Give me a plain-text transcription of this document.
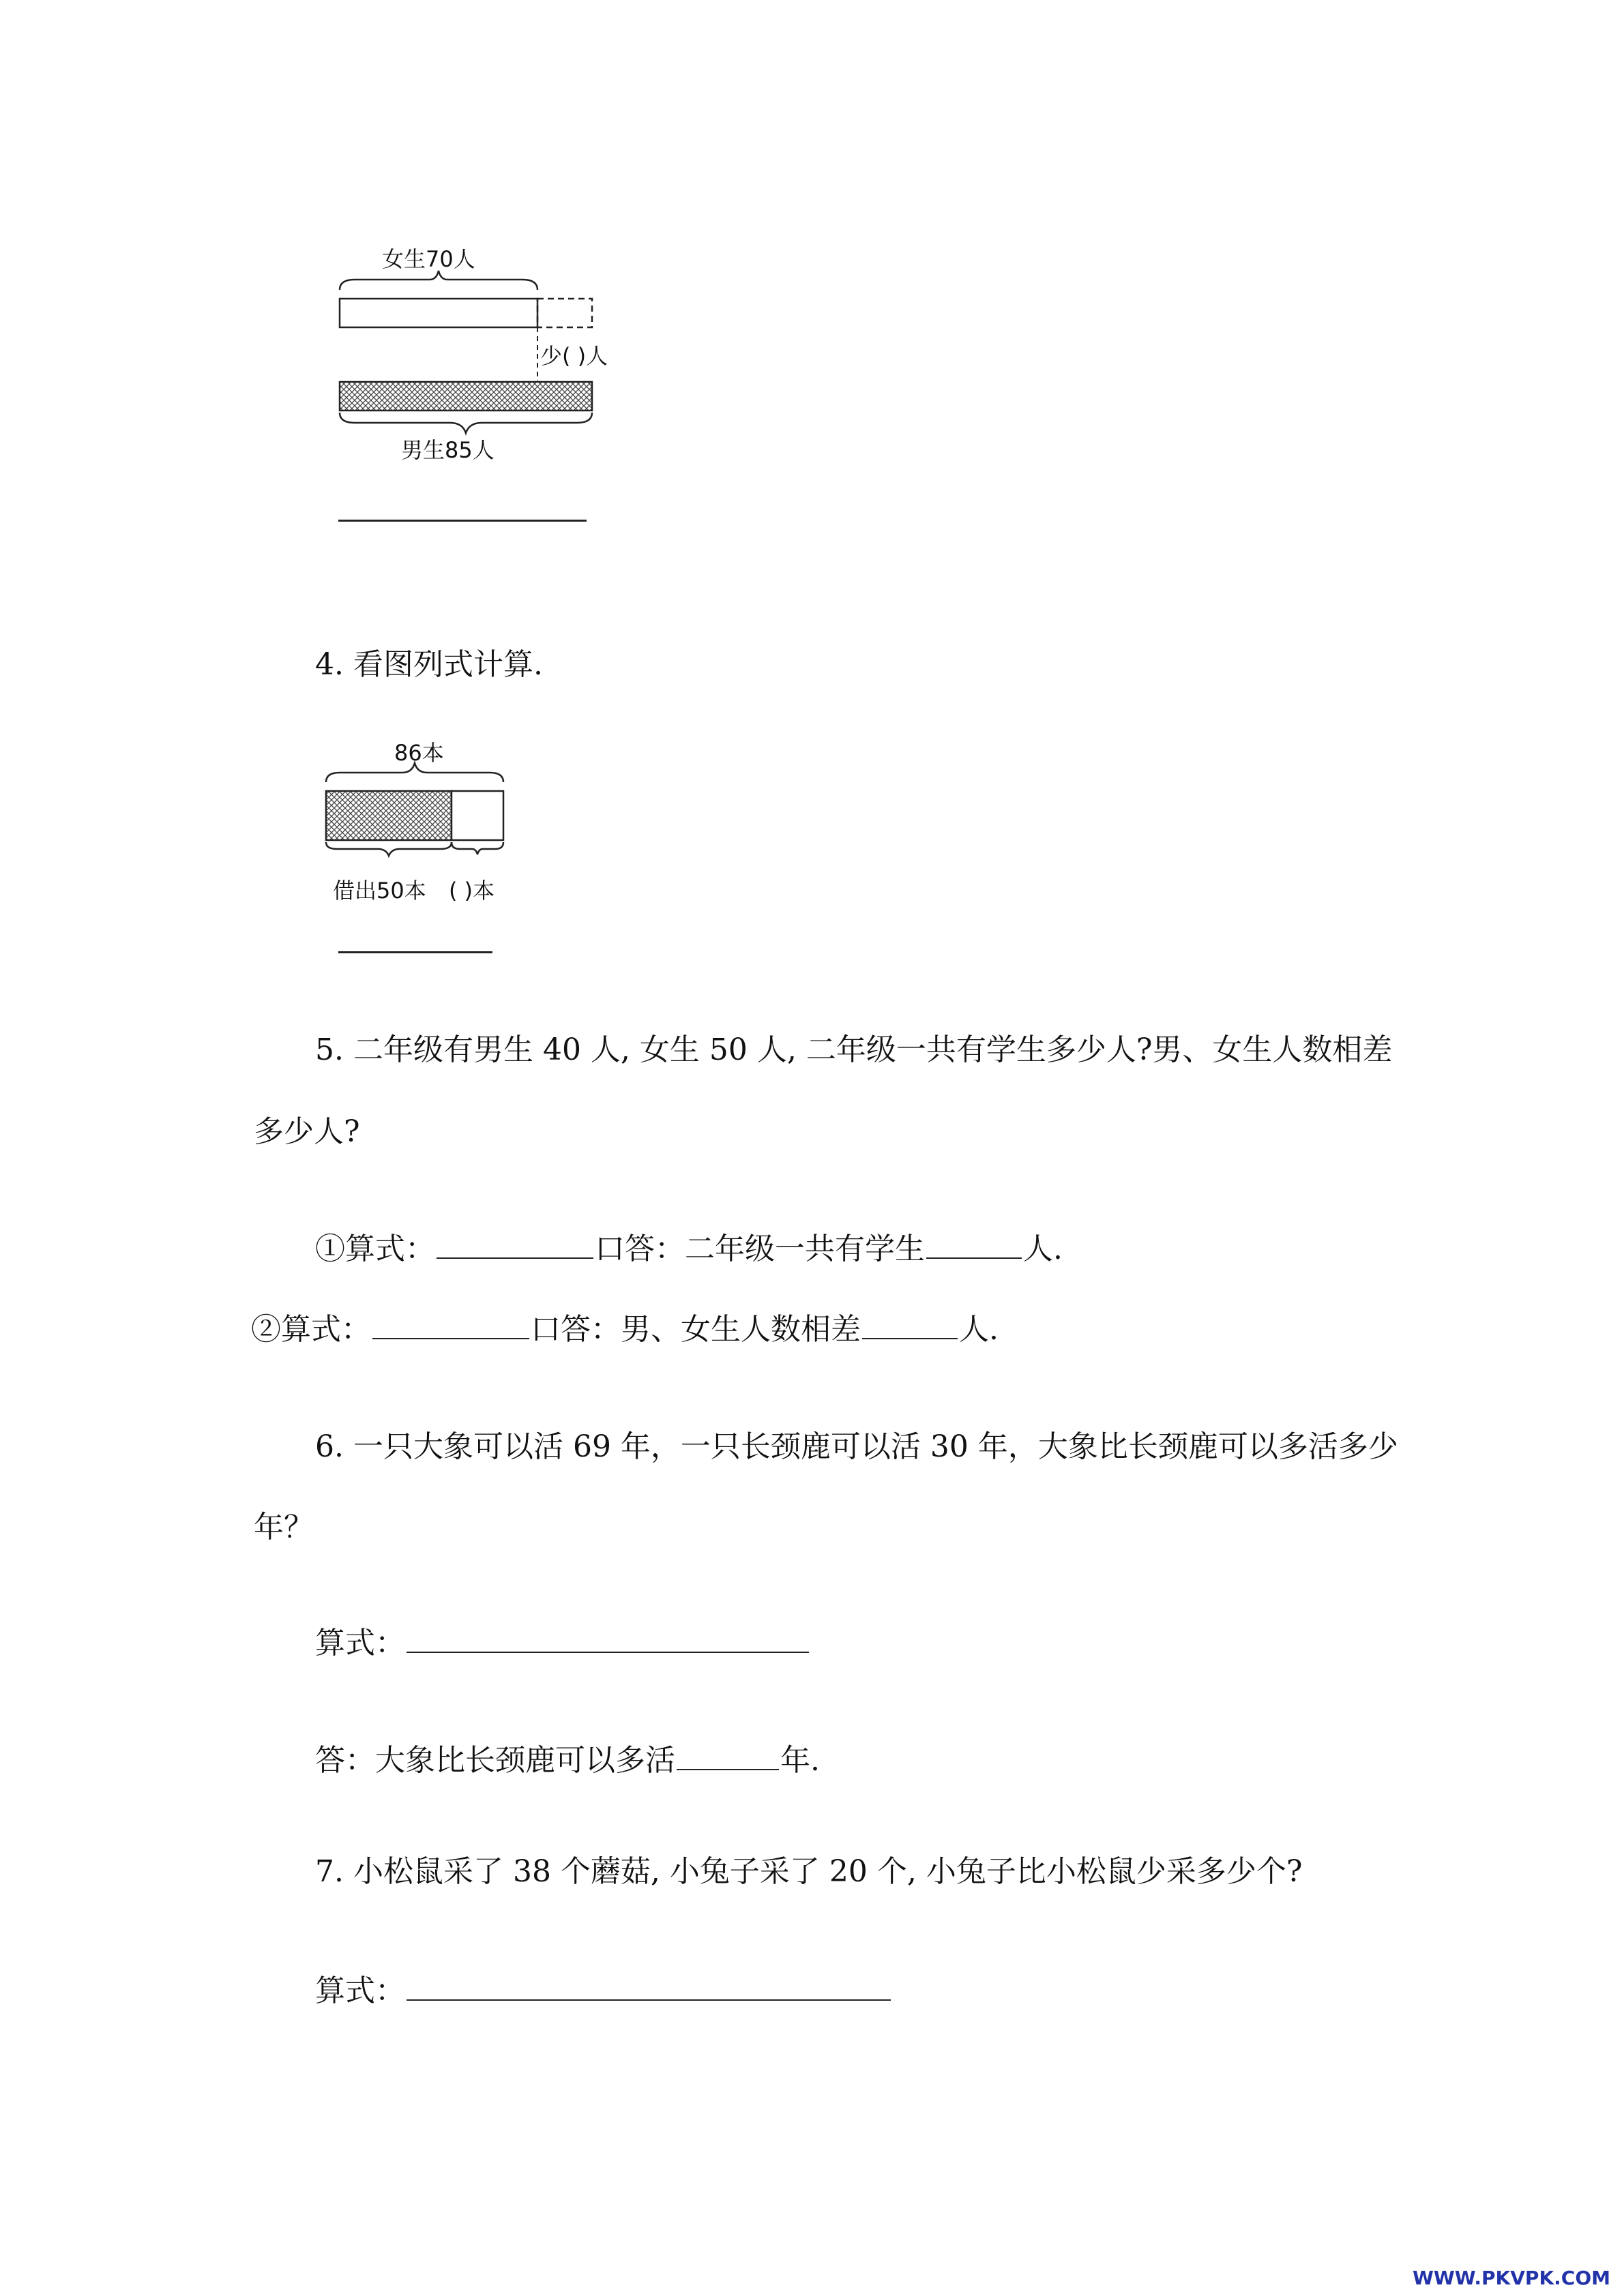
女生70人
少( )人
男生85人
4. 看图列式计算.
86本
借出50本 ( )本
5. 二年级有男生 40 人, 女生 50 人, 二年级一共有学生多少人?男、女生人数相差
多少人?
①算式：	口答：二年级一共有学生	人.
②算式：	口答：男、女生人数相差	人.
6. 一只大象可以活 69 年，一只长颈鹿可以活 30 年，大象比长颈鹿可以多活多少
年？
算式：
答：大象比长颈鹿可以多活	年.
7. 小松鼠采了 38 个蘑菇, 小兔子采了 20 个, 小兔子比小松鼠少采多少个?
算式：
WWW.PKVPK.COM
